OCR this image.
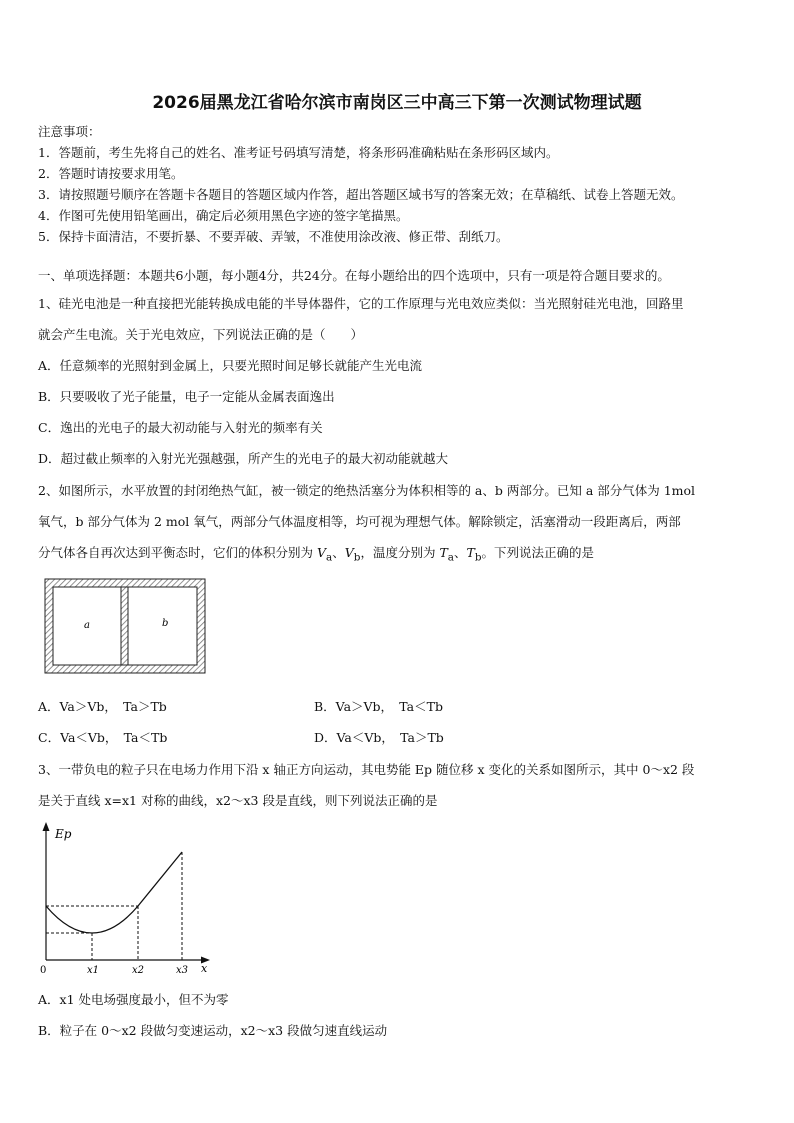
2026届黑龙江省哈尔滨市南岗区三中高三下第一次测试物理试题
注意事项：
1．答题前，考生先将自己的姓名、准考证号码填写清楚，将条形码准确粘贴在条形码区域内。
2．答题时请按要求用笔。
3．请按照题号顺序在答题卡各题目的答题区域内作答，超出答题区域书写的答案无效；在草稿纸、试卷上答题无效。
4．作图可先使用铅笔画出，确定后必须用黑色字迹的签字笔描黑。
5．保持卡面清洁，不要折暴、不要弄破、弄皱，不准使用涂改液、修正带、刮纸刀。
一、单项选择题：本题共6小题，每小题4分，共24分。在每小题给出的四个选项中，只有一项是符合题目要求的。
1、硅光电池是一种直接把光能转换成电能的半导体器件，它的工作原理与光电效应类似：当光照射硅光电池，回路里
就会产生电流。关于光电效应，下列说法正确的是（　　）
A．任意频率的光照射到金属上，只要光照时间足够长就能产生光电流
B．只要吸收了光子能量，电子一定能从金属表面逸出
C．逸出的光电子的最大初动能与入射光的频率有关
D．超过截止频率的入射光光强越强，所产生的光电子的最大初动能就越大
2、如图所示，水平放置的封闭绝热气缸，被一锁定的绝热活塞分为体积相等的 a、b 两部分。已知 a 部分气体为 1mol
氧气，b 部分气体为 2 mol 氧气，两部分气体温度相等，均可视为理想气体。解除锁定，活塞滑动一段距离后，两部
分气体各自再次达到平衡态时，它们的体积分别为 $V_a$、$V_b$，温度分别为 $T_a$、$T_b$。下列说法正确的是
a	b
A．Va＞Vb，　Ta＞Tb	B．Va＞Vb，　Ta＜Tb
C．Va＜Vb，　Ta＜Tb	D．Va＜Vb，　Ta＞Tb
3、一带负电的粒子只在电场力作用下沿 x 轴正方向运动，其电势能 Ep 随位移 x 变化的关系如图所示，其中 0～x2 段
是关于直线 x=x1 对称的曲线，x2～x3 段是直线，则下列说法正确的是
Ep
x
0	x1	x2	x3
A．x1 处电场强度最小，但不为零
B．粒子在 0～x2 段做匀变速运动，x2～x3 段做匀速直线运动
